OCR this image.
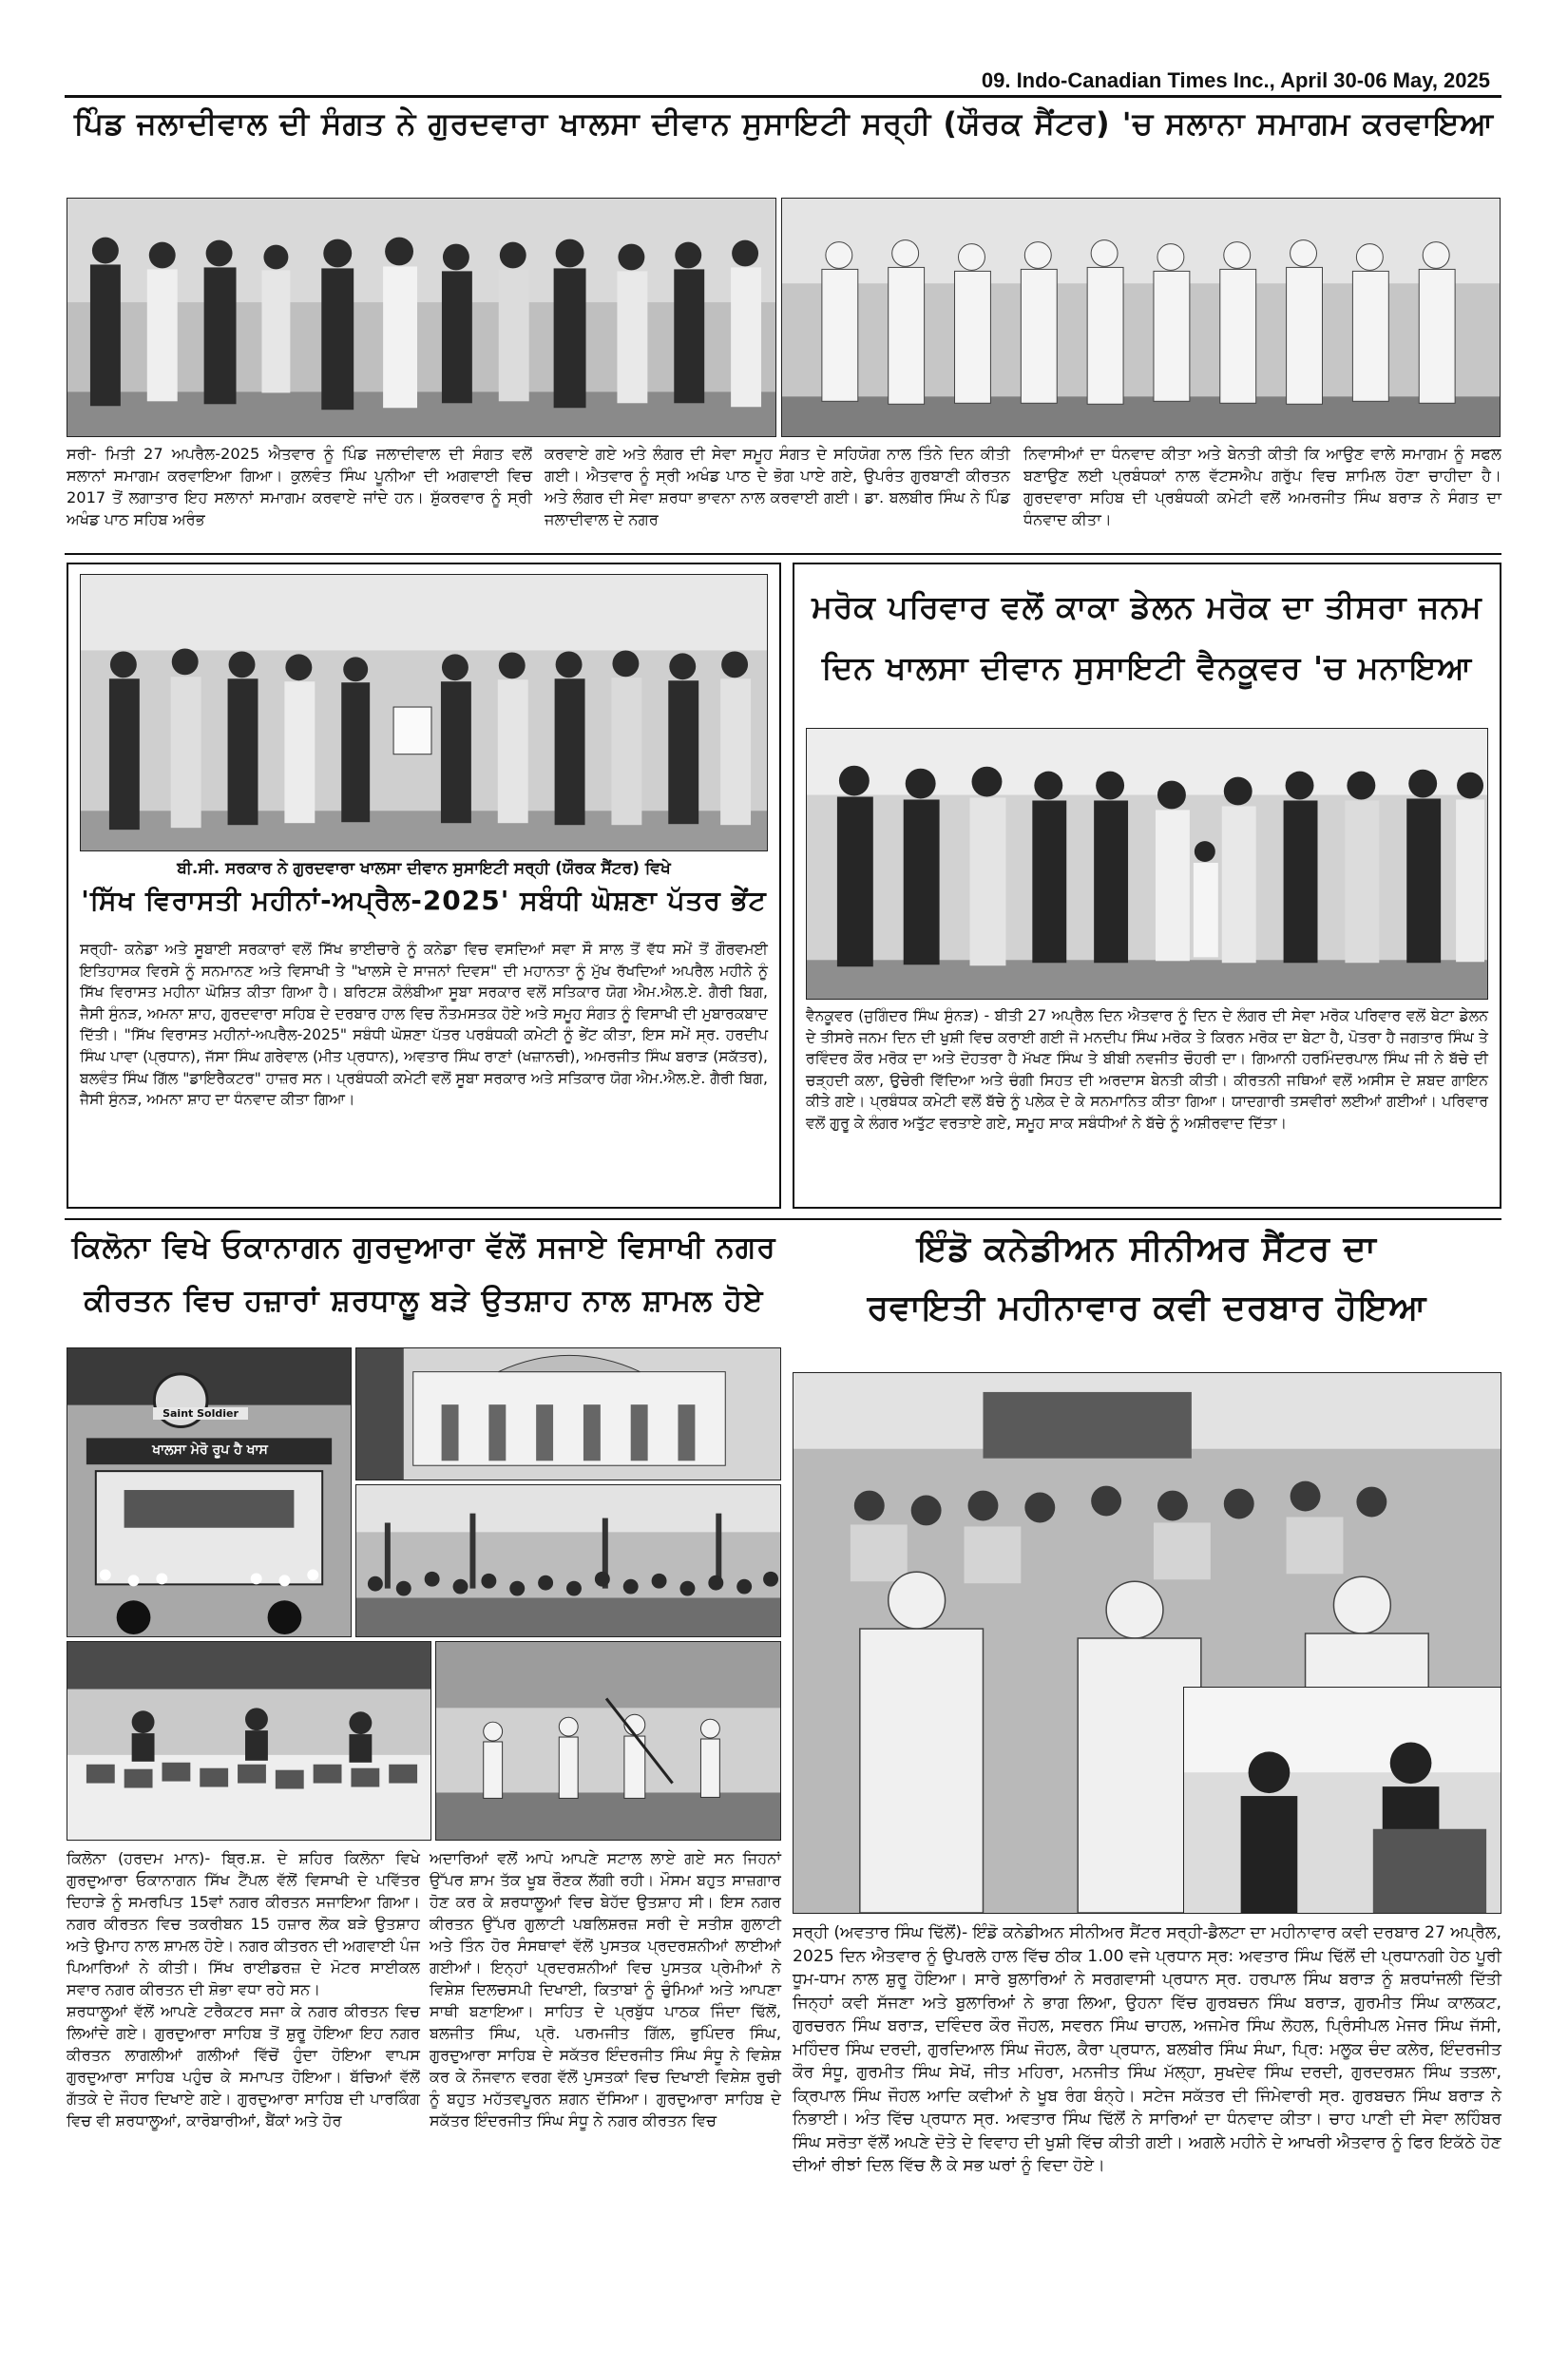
09. Indo-Canadian Times Inc., April 30-06 May, 2025
ਪਿੰਡ ਜਲਾਦੀਵਾਲ ਦੀ ਸੰਗਤ ਨੇ ਗੁਰਦਵਾਰਾ ਖਾਲਸਾ ਦੀਵਾਨ ਸੁਸਾਇਟੀ ਸਰ੍ਹੀ (ਯੌਰਕ ਸੈਂਟਰ) 'ਚ ਸਲਾਨਾ ਸਮਾਗਮ ਕਰਵਾਇਆ
ਸਰੀ- ਮਿਤੀ 27 ਅਪਰੈਲ-2025 ਐਤਵਾਰ ਨੂੰ ਪਿੰਡ ਜਲਾਦੀਵਾਲ ਦੀ ਸੰਗਤ ਵਲੋਂ ਸਲਾਨਾਂ ਸਮਾਗਮ ਕਰਵਾਇਆ ਗਿਆ। ਕੁਲਵੰਤ ਸਿੰਘ ਪੂਨੀਆ ਦੀ ਅਗਵਾਈ ਵਿਚ 2017 ਤੋਂ ਲਗਾਤਾਰ ਇਹ ਸਲਾਨਾਂ ਸਮਾਗਮ ਕਰਵਾਏ ਜਾਂਦੇ ਹਨ। ਸ਼ੁੱਕਰਵਾਰ ਨੂੰ ਸ੍ਰੀ ਅਖੰਡ ਪਾਠ ਸਹਿਬ ਅਰੰਭ
ਕਰਵਾਏ ਗਏ ਅਤੇ ਲੰਗਰ ਦੀ ਸੇਵਾ ਸਮੂਹ ਸੰਗਤ ਦੇ ਸਹਿਯੋਗ ਨਾਲ ਤਿੰਨੇ ਦਿਨ ਕੀਤੀ ਗਈ। ਐਤਵਾਰ ਨੂੰ ਸ੍ਰੀ ਅਖੰਡ ਪਾਠ ਦੇ ਭੋਗ ਪਾਏ ਗਏ, ਉਪਰੰਤ ਗੁਰਬਾਣੀ ਕੀਰਤਨ ਅਤੇ ਲੰਗਰ ਦੀ ਸੇਵਾ ਸ਼ਰਧਾ ਭਾਵਨਾ ਨਾਲ ਕਰਵਾਈ ਗਈ। ਡਾ. ਬਲਬੀਰ ਸਿੰਘ ਨੇ ਪਿੰਡ ਜਲਾਦੀਵਾਲ ਦੇ ਨਗਰ
ਨਿਵਾਸੀਆਂ ਦਾ ਧੰਨਵਾਦ ਕੀਤਾ ਅਤੇ ਬੇਨਤੀ ਕੀਤੀ ਕਿ ਆਉਣ ਵਾਲੇ ਸਮਾਗਮ ਨੂੰ ਸਫਲ ਬਣਾਉਣ ਲਈ ਪ੍ਰਬੰਧਕਾਂ ਨਾਲ ਵੱਟਸਐਪ ਗਰੁੱਪ ਵਿਚ ਸ਼ਾਮਿਲ ਹੋਣਾ ਚਾਹੀਦਾ ਹੈ। ਗੁਰਦਵਾਰਾ ਸਹਿਬ ਦੀ ਪ੍ਰਬੰਧਕੀ ਕਮੇਟੀ ਵਲੋਂ ਅਮਰਜੀਤ ਸਿੰਘ ਬਰਾੜ ਨੇ ਸੰਗਤ ਦਾ ਧੰਨਵਾਦ ਕੀਤਾ।
ਬੀ.ਸੀ. ਸਰਕਾਰ ਨੇ ਗੁਰਦਵਾਰਾ ਖਾਲਸਾ ਦੀਵਾਨ ਸੁਸਾਇਟੀ ਸਰ੍ਹੀ (ਯੌਰਕ ਸੈਂਟਰ) ਵਿਖੇ
'ਸਿੱਖ ਵਿਰਾਸਤੀ ਮਹੀਨਾਂ-ਅਪ੍ਰੈਲ-2025' ਸਬੰਧੀ ਘੋਸ਼ਣਾ ਪੱਤਰ ਭੇਂਟ
ਸਰ੍ਹੀ- ਕਨੇਡਾ ਅਤੇ ਸੂਬਾਈ ਸਰਕਾਰਾਂ ਵਲੋਂ ਸਿੱਖ ਭਾਈਚਾਰੇ ਨੂੰ ਕਨੇਡਾ ਵਿਚ ਵਸਦਿਆਂ ਸਵਾ ਸੌ ਸਾਲ ਤੋਂ ਵੱਧ ਸਮੇਂ ਤੋਂ ਗੌਰਵਮਈ ਇਤਿਹਾਸਕ ਵਿਰਸੇ ਨੂੰ ਸਨਮਾਨਣ ਅਤੇ ਵਿਸਾਖੀ ਤੇ "ਖਾਲਸੇ ਦੇ ਸਾਜਨਾਂ ਦਿਵਸ" ਦੀ ਮਹਾਨਤਾ ਨੂੰ ਮੁੱਖ ਰੱਖਦਿਆਂ ਅਪਰੈਲ ਮਹੀਨੇ ਨੂੰ ਸਿੱਖ ਵਿਰਾਸਤ ਮਹੀਨਾ ਘੋਸ਼ਿਤ ਕੀਤਾ ਗਿਆ ਹੈ। ਬਰਿਟਸ਼ ਕੋਲੰਬੀਆ ਸੂਬਾ ਸਰਕਾਰ ਵਲੋਂ ਸਤਿਕਾਰ ਯੋਗ ਐਮ.ਐਲ.ਏ. ਗੈਰੀ ਬਿਗ, ਜੈਸੀ ਸੁੰਨੜ, ਅਮਨਾ ਸ਼ਾਹ, ਗੁਰਦਵਾਰਾ ਸਹਿਬ ਦੇ ਦਰਬਾਰ ਹਾਲ ਵਿਚ ਨੌਤਮਸਤਕ ਹੋਏ ਅਤੇ ਸਮੂਹ ਸੰਗਤ ਨੂੰ ਵਿਸਾਖੀ ਦੀ ਮੁਬਾਰਕਬਾਦ ਦਿੱਤੀ। "ਸਿੱਖ ਵਿਰਾਸਤ ਮਹੀਨਾਂ-ਅਪਰੈਲ-2025" ਸਬੰਧੀ ਘੋਸ਼ਣਾ ਪੱਤਰ ਪਰਬੰਧਕੀ ਕਮੇਟੀ ਨੂੰ ਭੇਂਟ ਕੀਤਾ, ਇਸ ਸਮੇਂ ਸ੍ਰ. ਹਰਦੀਪ ਸਿੰਘ ਪਾਵਾ (ਪ੍ਰਧਾਨ), ਜੱਸਾ ਸਿੰਘ ਗਰੇਵਾਲ (ਮੀਤ ਪ੍ਰਧਾਨ), ਅਵਤਾਰ ਸਿੰਘ ਰਾਣਾਂ (ਖਜ਼ਾਨਚੀ), ਅਮਰਜੀਤ ਸਿੰਘ ਬਰਾੜ (ਸਕੱਤਰ), ਬਲਵੰਤ ਸਿੰਘ ਗਿੱਲ "ਡਾਇਰੈਕਟਰ" ਹਾਜ਼ਰ ਸਨ। ਪ੍ਰਬੰਧਕੀ ਕਮੇਟੀ ਵਲੋਂ ਸੂਬਾ ਸਰਕਾਰ ਅਤੇ ਸਤਿਕਾਰ ਯੋਗ ਐਮ.ਐਲ.ਏ. ਗੈਰੀ ਬਿਗ, ਜੈਸੀ ਸੁੰਨੜ, ਅਮਨਾ ਸ਼ਾਹ ਦਾ ਧੰਨਵਾਦ ਕੀਤਾ ਗਿਆ।
ਮਰੋਕ ਪਰਿਵਾਰ ਵਲੋਂ ਕਾਕਾ ਡੇਲਨ ਮਰੋਕ ਦਾ ਤੀਸਰਾ ਜਨਮ
ਦਿਨ ਖਾਲਸਾ ਦੀਵਾਨ ਸੁਸਾਇਟੀ ਵੈਨਕੂਵਰ 'ਚ ਮਨਾਇਆ
ਵੈਨਕੂਵਰ (ਜੁਗਿੰਦਰ ਸਿੰਘ ਸੁੰਨੜ) - ਬੀਤੀ 27 ਅਪ੍ਰੈਲ ਦਿਨ ਐਤਵਾਰ ਨੂੰ ਦਿਨ ਦੇ ਲੰਗਰ ਦੀ ਸੇਵਾ ਮਰੋਕ ਪਰਿਵਾਰ ਵਲੋਂ ਬੇਟਾ ਡੇਲਨ ਦੇ ਤੀਸਰੇ ਜਨਮ ਦਿਨ ਦੀ ਖੁਸ਼ੀ ਵਿਚ ਕਰਾਈ ਗਈ ਜੋ ਮਨਦੀਪ ਸਿੰਘ ਮਰੋਕ ਤੇ ਕਿਰਨ ਮਰੋਕ ਦਾ ਬੇਟਾ ਹੈ, ਪੋਤਰਾ ਹੈ ਜਗਤਾਰ ਸਿੰਘ ਤੇ ਰਵਿੰਦਰ ਕੌਰ ਮਰੋਕ ਦਾ ਅਤੇ ਦੋਹਤਰਾ ਹੈ ਮੱਖਣ ਸਿੰਘ ਤੇ ਬੀਬੀ ਨਵਜੀਤ ਚੌਹਰੀ ਦਾ। ਗਿਆਨੀ ਹਰਮਿੰਦਰਪਾਲ ਸਿੰਘ ਜੀ ਨੇ ਬੱਚੇ ਦੀ ਚੜ੍ਹਦੀ ਕਲਾ, ਉਚੇਰੀ ਵਿੱਦਿਆ ਅਤੇ ਚੰਗੀ ਸਿਹਤ ਦੀ ਅਰਦਾਸ ਬੇਨਤੀ ਕੀਤੀ। ਕੀਰਤਨੀ ਜਥਿਆਂ ਵਲੋਂ ਅਸੀਸ ਦੇ ਸ਼ਬਦ ਗਾਇਨ ਕੀਤੇ ਗਏ। ਪ੍ਰਬੰਧਕ ਕਮੇਟੀ ਵਲੋਂ ਬੱਚੇ ਨੂੰ ਪਲੇਕ ਦੇ ਕੇ ਸਨਮਾਨਿਤ ਕੀਤਾ ਗਿਆ। ਯਾਦਗਾਰੀ ਤਸਵੀਰਾਂ ਲਈਆਂ ਗਈਆਂ। ਪਰਿਵਾਰ ਵਲੋਂ ਗੁਰੂ ਕੇ ਲੰਗਰ ਅਤੁੱਟ ਵਰਤਾਏ ਗਏ, ਸਮੂਹ ਸਾਕ ਸਬੰਧੀਆਂ ਨੇ ਬੱਚੇ ਨੂੰ ਅਸ਼ੀਰਵਾਦ ਦਿੱਤਾ।
ਕਿਲੋਨਾ ਵਿਖੇ ਓਕਾਨਾਗਨ ਗੁਰਦੁਆਰਾ ਵੱਲੋਂ ਸਜਾਏ ਵਿਸਾਖੀ ਨਗਰ
ਕੀਰਤਨ ਵਿਚ ਹਜ਼ਾਰਾਂ ਸ਼ਰਧਾਲੂ ਬੜੇ ਉਤਸ਼ਾਹ ਨਾਲ ਸ਼ਾਮਲ ਹੋਏ
ਖਾਲਸਾ ਮੇਰੋ ਰੂਪ ਹੈ ਖਾਸ
Saint Soldier
ਕਿਲੋਨਾ (ਹਰਦਮ ਮਾਨ)- ਬ੍ਰਿ.ਸ਼. ਦੇ ਸ਼ਹਿਰ ਕਿਲੋਨਾ ਵਿਖੇ ਗੁਰਦੁਆਰਾ ਓਕਾਨਾਗਨ ਸਿੱਖ ਟੈਂਪਲ ਵੱਲੋਂ ਵਿਸਾਖੀ ਦੇ ਪਵਿੱਤਰ ਦਿਹਾੜੇ ਨੂੰ ਸਮਰਪਿਤ 15ਵਾਂ ਨਗਰ ਕੀਰਤਨ ਸਜਾਇਆ ਗਿਆ। ਨਗਰ ਕੀਰਤਨ ਵਿਚ ਤਕਰੀਬਨ 15 ਹਜ਼ਾਰ ਲੋਕ ਬੜੇ ਉਤਸ਼ਾਹ ਅਤੇ ਉਮਾਹ ਨਾਲ ਸ਼ਾਮਲ ਹੋਏ। ਨਗਰ ਕੀਤਰਨ ਦੀ ਅਗਵਾਈ ਪੰਜ ਪਿਆਰਿਆਂ ਨੇ ਕੀਤੀ। ਸਿੱਖ ਰਾਈਡਰਜ਼ ਦੇ ਮੋਟਰ ਸਾਈਕਲ ਸਵਾਰ ਨਗਰ ਕੀਰਤਨ ਦੀ ਸ਼ੋਭਾ ਵਧਾ ਰਹੇ ਸਨ।
ਸ਼ਰਧਾਲੂਆਂ ਵੱਲੋਂ ਆਪਣੇ ਟਰੈਕਟਰ ਸਜਾ ਕੇ ਨਗਰ ਕੀਰਤਨ ਵਿਚ ਲਿਆਂਦੇ ਗਏ। ਗੁਰਦੁਆਰਾ ਸਾਹਿਬ ਤੋਂ ਸ਼ੁਰੂ ਹੋਇਆ ਇਹ ਨਗਰ ਕੀਰਤਨ ਲਾਗਲੀਆਂ ਗਲੀਆਂ ਵਿੱਚੋਂ ਹੁੰਦਾ ਹੋਇਆ ਵਾਪਸ ਗੁਰਦੁਆਰਾ ਸਾਹਿਬ ਪਹੁੰਚ ਕੇ ਸਮਾਪਤ ਹੋਇਆ। ਬੱਚਿਆਂ ਵੱਲੋਂ ਗੱਤਕੇ ਦੇ ਜੌਹਰ ਦਿਖਾਏ ਗਏ। ਗੁਰਦੁਆਰਾ ਸਾਹਿਬ ਦੀ ਪਾਰਕਿੰਗ ਵਿਚ ਵੀ ਸ਼ਰਧਾਲੂਆਂ, ਕਾਰੋਬਾਰੀਆਂ, ਬੈਂਕਾਂ ਅਤੇ ਹੋਰ
ਅਦਾਰਿਆਂ ਵਲੋਂ ਆਪੋ ਆਪਣੇ ਸਟਾਲ ਲਾਏ ਗਏ ਸਨ ਜਿਹਨਾਂ ਉੱਪਰ ਸ਼ਾਮ ਤੱਕ ਖੂਬ ਰੌਣਕ ਲੱਗੀ ਰਹੀ। ਮੌਸਮ ਬਹੁਤ ਸਾਜ਼ਗਾਰ ਹੋਣ ਕਰ ਕੇ ਸ਼ਰਧਾਲੂਆਂ ਵਿਚ ਬੇਹੱਦ ਉਤਸ਼ਾਹ ਸੀ। ਇਸ ਨਗਰ ਕੀਰਤਨ ਉੱਪਰ ਗੁਲਾਟੀ ਪਬਲਿਸ਼ਰਜ਼ ਸਰੀ ਦੇ ਸਤੀਸ਼ ਗੁਲਾਟੀ ਅਤੇ ਤਿੰਨ ਹੋਰ ਸੰਸਥਾਵਾਂ ਵੱਲੋਂ ਪੁਸਤਕ ਪ੍ਰਦਰਸ਼ਨੀਆਂ ਲਾਈਆਂ ਗਈਆਂ। ਇਨ੍ਹਾਂ ਪ੍ਰਦਰਸ਼ਨੀਆਂ ਵਿਚ ਪੁਸਤਕ ਪ੍ਰੇਮੀਆਂ ਨੇ ਵਿਸ਼ੇਸ਼ ਦਿਲਚਸਪੀ ਦਿਖਾਈ, ਕਿਤਾਬਾਂ ਨੂੰ ਚੁੰਮਿਆਂ ਅਤੇ ਆਪਣਾ ਸਾਥੀ ਬਣਾਇਆ। ਸਾਹਿਤ ਦੇ ਪ੍ਰਬੁੱਧ ਪਾਠਕ ਜਿੰਦਾ ਢਿੱਲੋਂ, ਬਲਜੀਤ ਸਿੰਘ, ਪ੍ਰੋ. ਪਰਮਜੀਤ ਗਿੱਲ, ਭੁਪਿੰਦਰ ਸਿੰਘ, ਗੁਰਦੁਆਰਾ ਸਾਹਿਬ ਦੇ ਸਕੱਤਰ ਇੰਦਰਜੀਤ ਸਿੰਘ ਸੰਧੂ ਨੇ ਵਿਸ਼ੇਸ਼ ਕਰ ਕੇ ਨੌਜਵਾਨ ਵਰਗ ਵੱਲੋਂ ਪੁਸਤਕਾਂ ਵਿਚ ਦਿਖਾਈ ਵਿਸ਼ੇਸ਼ ਰੁਚੀ ਨੂੰ ਬਹੁਤ ਮਹੱਤਵਪੂਰਨ ਸ਼ਗਨ ਦੱਸਿਆ। ਗੁਰਦੁਆਰਾ ਸਾਹਿਬ ਦੇ ਸਕੱਤਰ ਇੰਦਰਜੀਤ ਸਿੰਘ ਸੰਧੂ ਨੇ ਨਗਰ ਕੀਰਤਨ ਵਿਚ
ਇੰਡੋ ਕਨੇਡੀਅਨ ਸੀਨੀਅਰ ਸੈਂਟਰ ਦਾ
ਰਵਾਇਤੀ ਮਹੀਨਾਵਾਰ ਕਵੀ ਦਰਬਾਰ ਹੋਇਆ
ਸਰ੍ਹੀ (ਅਵਤਾਰ ਸਿੰਘ ਢਿੱਲੋਂ)- ਇੰਡੋ ਕਨੇਡੀਅਨ ਸੀਨੀਅਰ ਸੈਂਟਰ ਸਰ੍ਹੀ-ਡੈਲਟਾ ਦਾ ਮਹੀਨਾਵਾਰ ਕਵੀ ਦਰਬਾਰ 27 ਅਪ੍ਰੈਲ, 2025 ਦਿਨ ਐਤਵਾਰ ਨੂੰ ਉਪਰਲੇ ਹਾਲ ਵਿੱਚ ਠੀਕ 1.00 ਵਜੇ ਪ੍ਰਧਾਨ ਸ੍ਰ: ਅਵਤਾਰ ਸਿੰਘ ਢਿੱਲੋਂ ਦੀ ਪ੍ਰਧਾਨਗੀ ਹੇਠ ਪੂਰੀ ਧੂਮ-ਧਾਮ ਨਾਲ ਸ਼ੁਰੂ ਹੋਇਆ। ਸਾਰੇ ਬੁਲਾਰਿਆਂ ਨੇ ਸਰਗਵਾਸੀ ਪ੍ਰਧਾਨ ਸ੍ਰ. ਹਰਪਾਲ ਸਿੰਘ ਬਰਾੜ ਨੂੰ ਸ਼ਰਧਾਂਜਲੀ ਦਿੱਤੀ ਜਿਨ੍ਹਾਂ ਕਵੀ ਸੱਜਣਾ ਅਤੇ ਬੁਲਾਰਿਆਂ ਨੇ ਭਾਗ ਲਿਆ, ਉਹਨਾ ਵਿੱਚ ਗੁਰਬਚਨ ਸਿੰਘ ਬਰਾੜ, ਗੁਰਮੀਤ ਸਿੰਘ ਕਾਲਕਟ, ਗੁਰਚਰਨ ਸਿੰਘ ਬਰਾੜ, ਦਵਿੰਦਰ ਕੌਰ ਜੌਹਲ, ਸਵਰਨ ਸਿੰਘ ਚਾਹਲ, ਅਜਮੇਰ ਸਿੰਘ ਲੋਹਲ, ਪ੍ਰਿੰਸੀਪਲ ਮੇਜਰ ਸਿੰਘ ਜੱਸੀ, ਮਹਿੰਦਰ ਸਿੰਘ ਦਰਦੀ, ਗੁਰਦਿਆਲ ਸਿੰਘ ਜੌਹਲ, ਕੈਰਾ ਪ੍ਰਧਾਨ, ਬਲਬੀਰ ਸਿੰਘ ਸੰਘਾ, ਪ੍ਰਿ: ਮਲੂਕ ਚੰਦ ਕਲੇਰ, ਇੰਦਰਜੀਤ ਕੌਰ ਸੰਧੂ, ਗੁਰਮੀਤ ਸਿੰਘ ਸੇਖੋਂ, ਜੀਤ ਮਹਿਰਾ, ਮਨਜੀਤ ਸਿੰਘ ਮੱਲ੍ਹਾ, ਸੁਖਦੇਵ ਸਿੰਘ ਦਰਦੀ, ਗੁਰਦਰਸ਼ਨ ਸਿੰਘ ਤਤਲਾ, ਕ੍ਰਿਪਾਲ ਸਿੰਘ ਜੌਹਲ ਆਦਿ ਕਵੀਆਂ ਨੇ ਖੂਬ ਰੰਗ ਬੰਨ੍ਹੇ। ਸਟੇਜ ਸਕੱਤਰ ਦੀ ਜਿੰਮੇਵਾਰੀ ਸ੍ਰ. ਗੁਰਬਚਨ ਸਿੰਘ ਬਰਾੜ ਨੇ ਨਿਭਾਈ। ਅੰਤ ਵਿੱਚ ਪ੍ਰਧਾਨ ਸ੍ਰ. ਅਵਤਾਰ ਸਿੰਘ ਢਿੱਲੋਂ ਨੇ ਸਾਰਿਆਂ ਦਾ ਧੰਨਵਾਦ ਕੀਤਾ। ਚਾਹ ਪਾਣੀ ਦੀ ਸੇਵਾ ਲਹਿੰਬਰ ਸਿੰਘ ਸਰੋਤਾ ਵੱਲੋਂ ਅਪਣੇ ਦੋਤੇ ਦੇ ਵਿਵਾਹ ਦੀ ਖੁਸ਼ੀ ਵਿੱਚ ਕੀਤੀ ਗਈ। ਅਗਲੇ ਮਹੀਨੇ ਦੇ ਆਖਰੀ ਐਤਵਾਰ ਨੂੰ ਫਿਰ ਇਕੱਠੇ ਹੋਣ ਦੀਆਂ ਰੀਝਾਂ ਦਿਲ ਵਿੱਚ ਲੈ ਕੇ ਸਭ ਘਰਾਂ ਨੂੰ ਵਿਦਾ ਹੋਏ।
